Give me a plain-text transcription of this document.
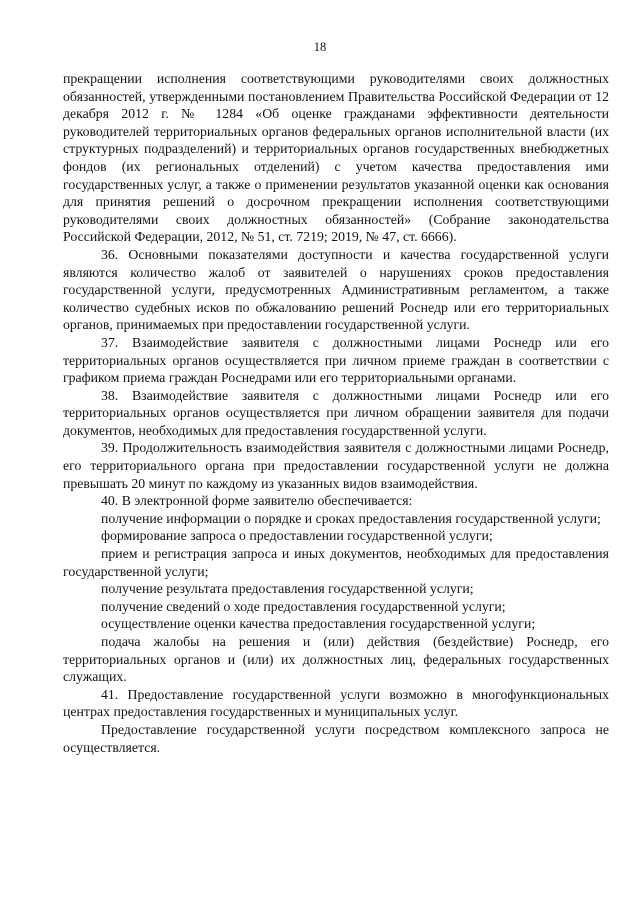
18

прекращении исполнения соответствующими руководителями своих должностных обязанностей, утвержденными постановлением Правительства Российской Федерации от 12 декабря 2012 г. № 1284 «Об оценке гражданами эффективности деятельности руководителей территориальных органов федеральных органов исполнительной власти (их структурных подразделений) и территориальных органов государственных внебюджетных фондов (их региональных отделений) с учетом качества предоставления ими государственных услуг, а также о применении результатов указанной оценки как основания для принятия решений о досрочном прекращении исполнения соответствующими руководителями своих должностных обязанностей» (Собрание законодательства Российской Федерации, 2012, № 51, ст. 7219; 2019, № 47, ст. 6666).

36. Основными показателями доступности и качества государственной услуги являются количество жалоб от заявителей о нарушениях сроков предоставления государственной услуги, предусмотренных Административным регламентом, а также количество судебных исков по обжалованию решений Роснедр или его территориальных органов, принимаемых при предоставлении государственной услуги.

37. Взаимодействие заявителя с должностными лицами Роснедр или его территориальных органов осуществляется при личном приеме граждан в соответствии с графиком приема граждан Роснедрами или его территориальными органами.

38. Взаимодействие заявителя с должностными лицами Роснедр или его территориальных органов осуществляется при личном обращении заявителя для подачи документов, необходимых для предоставления государственной услуги.

39. Продолжительность взаимодействия заявителя с должностными лицами Роснедр, его территориального органа при предоставлении государственной услуги не должна превышать 20 минут по каждому из указанных видов взаимодействия.

40. В электронной форме заявителю обеспечивается:

получение информации о порядке и сроках предоставления государственной услуги;

формирование запроса о предоставлении государственной услуги;

прием и регистрация запроса и иных документов, необходимых для предоставления государственной услуги;

получение результата предоставления государственной услуги;

получение сведений о ходе предоставления государственной услуги;

осуществление оценки качества предоставления государственной услуги;

подача жалобы на решения и (или) действия (бездействие) Роснедр, его территориальных органов и (или) их должностных лиц, федеральных государственных служащих.

41. Предоставление государственной услуги возможно в многофункциональных центрах предоставления государственных и муниципальных услуг.

Предоставление государственной услуги посредством комплексного запроса не осуществляется.
